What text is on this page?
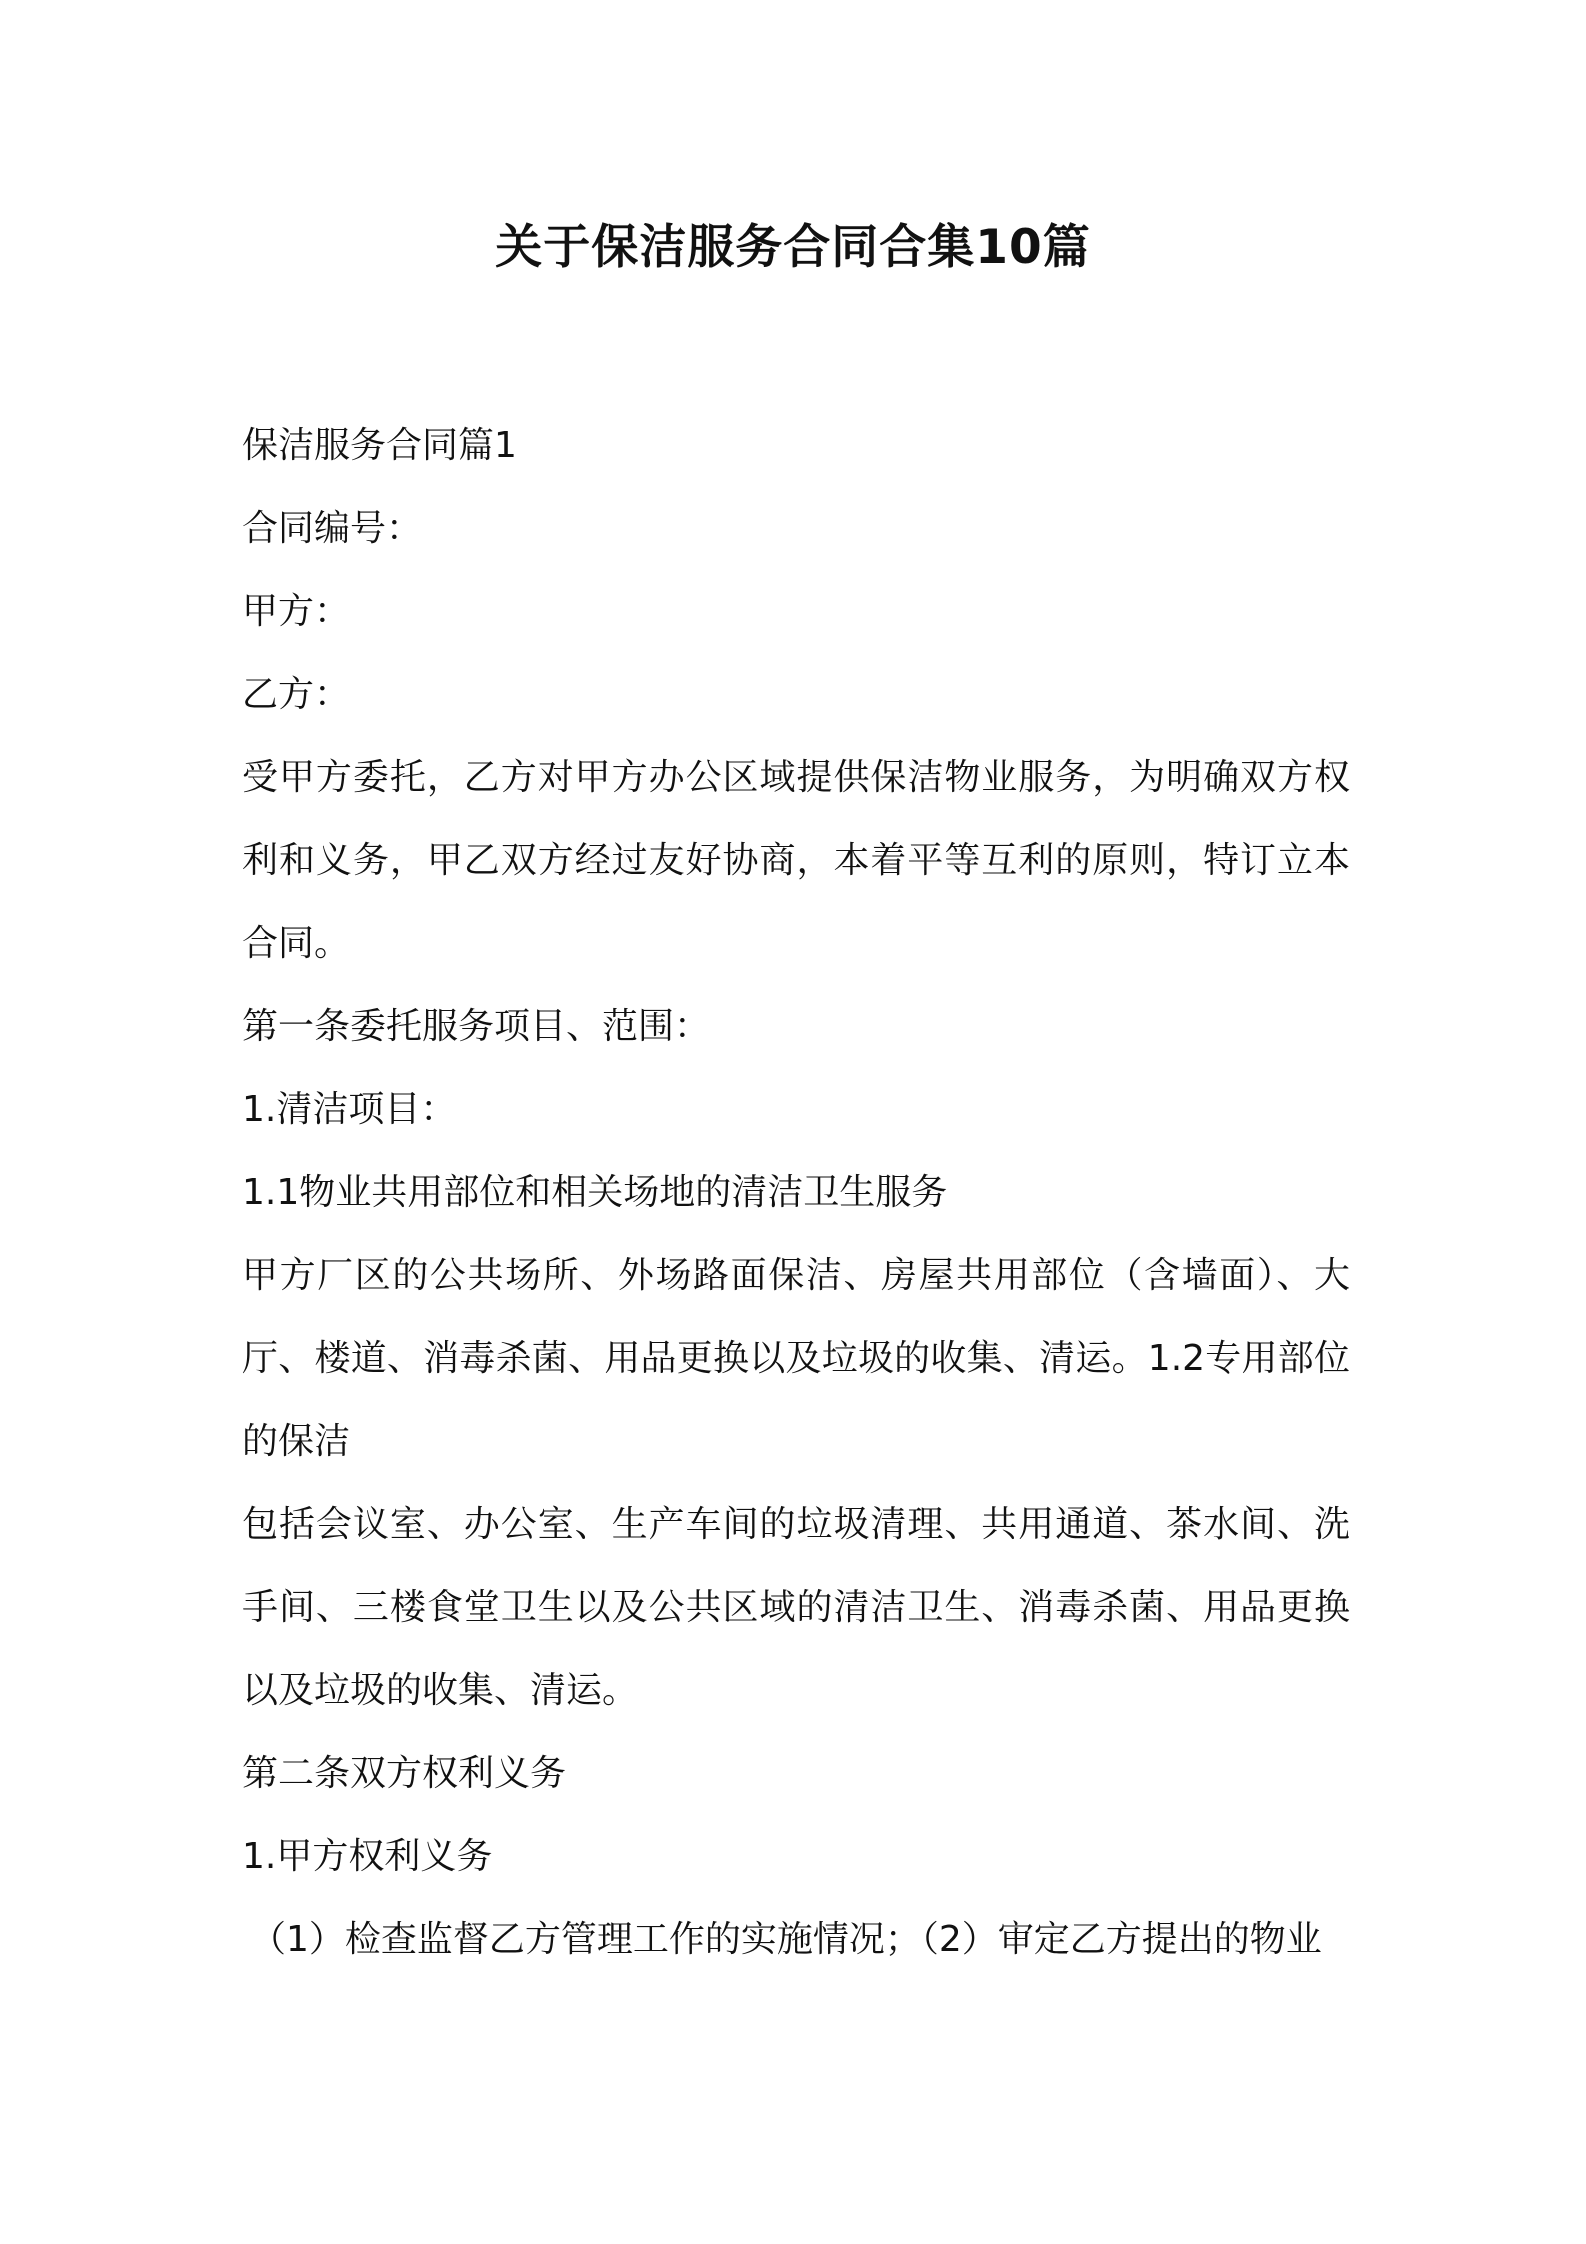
关于保洁服务合同合集10篇

保洁服务合同篇1

合同编号：

甲方：

乙方：

受甲方委托，乙方对甲方办公区域提供保洁物业服务，为明确双方权利和义务，甲乙双方经过友好协商，本着平等互利的原则，特订立本合同。

第一条委托服务项目、范围：

1.清洁项目：

1.1物业共用部位和相关场地的清洁卫生服务

甲方厂区的公共场所、外场路面保洁、房屋共用部位（含墙面）、大厅、楼道、消毒杀菌、用品更换以及垃圾的收集、清运。1.2专用部位的保洁

包括会议室、办公室、生产车间的垃圾清理、共用通道、茶水间、洗手间、三楼食堂卫生以及公共区域的清洁卫生、消毒杀菌、用品更换以及垃圾的收集、清运。

第二条双方权利义务

1.甲方权利义务

（1）检查监督乙方管理工作的实施情况；（2）审定乙方提出的物业
